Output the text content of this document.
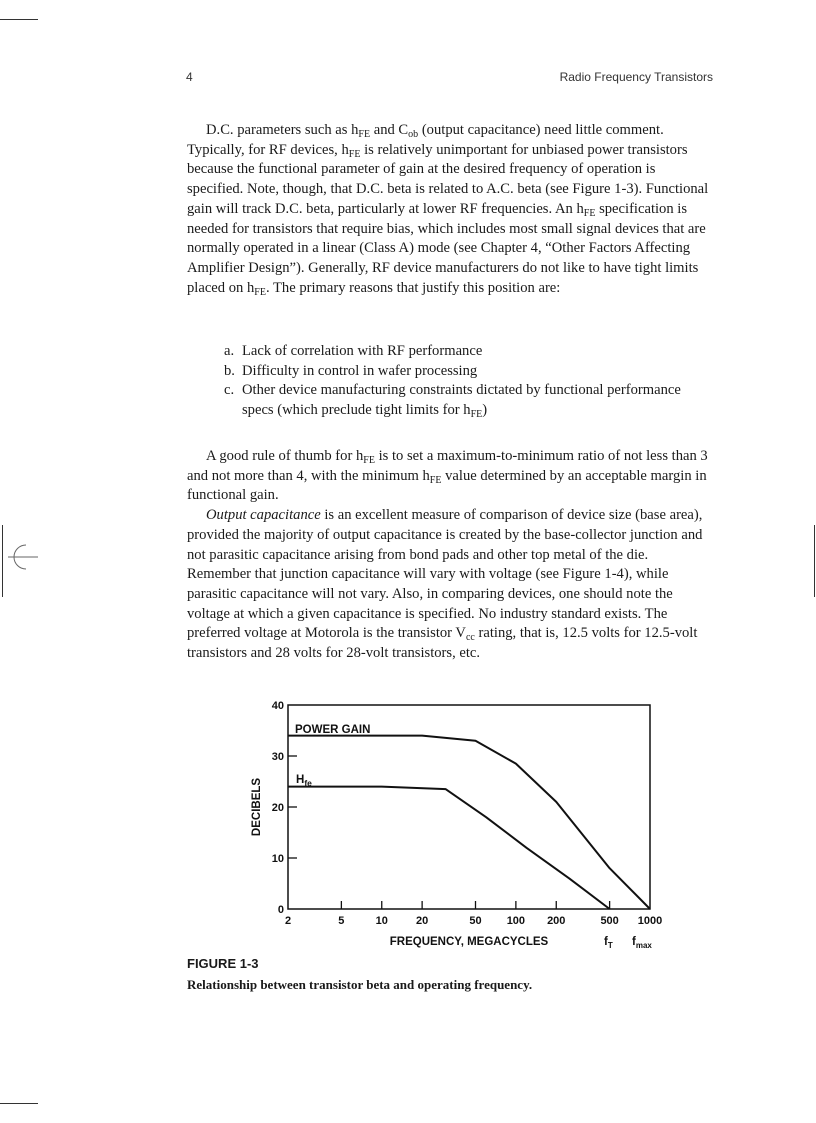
4	Radio Frequency Transistors

D.C. parameters such as $h_{FE}$ and $C_{ob}$ (output capacitance) need little comment. Typically, for RF devices, $h_{FE}$ is relatively unimportant for unbiased power transistors because the functional parameter of gain at the desired frequency of operation is specified. Note, though, that D.C. beta is related to A.C. beta (see Figure 1-3). Functional gain will track D.C. beta, particularly at lower RF frequencies. An $h_{FE}$ specification is needed for transistors that require bias, which includes most small signal devices that are normally operated in a linear (Class A) mode (see Chapter 4, “Other Factors Affecting Amplifier Design”). Generally, RF device manufacturers do not like to have tight limits placed on $h_{FE}$. The primary reasons that justify this position are:

a. Lack of correlation with RF performance
b. Difficulty in control in wafer processing
c. Other device manufacturing constraints dictated by functional performance specs (which preclude tight limits for $h_{FE}$)

A good rule of thumb for $h_{FE}$ is to set a maximum-to-minimum ratio of not less than 3 and not more than 4, with the minimum $h_{FE}$ value determined by an acceptable margin in functional gain.

Output capacitance is an excellent measure of comparison of device size (base area), provided the majority of output capacitance is created by the base-collector junction and not parasitic capacitance arising from bond pads and other top metal of the die. Remember that junction capacitance will vary with voltage (see Figure 1-4), while parasitic capacitance will not vary. Also, in comparing devices, one should note the voltage at which a given capacitance is specified. No industry standard exists. The preferred voltage at Motorola is the transistor $V_{cc}$ rating, that is, 12.5 volts for 12.5-volt transistors and 28 volts for 28-volt transistors, etc.

0
10
20
30
40
2	5	10	20	50 100 200	500 1000
DECIBELS
FREQUENCY, MEGACYCLES
POWER GAIN
$H_{fe}$
$f_T$ $f_{max}$
FIGURE 1-3
Relationship between transistor beta and operating frequency.
